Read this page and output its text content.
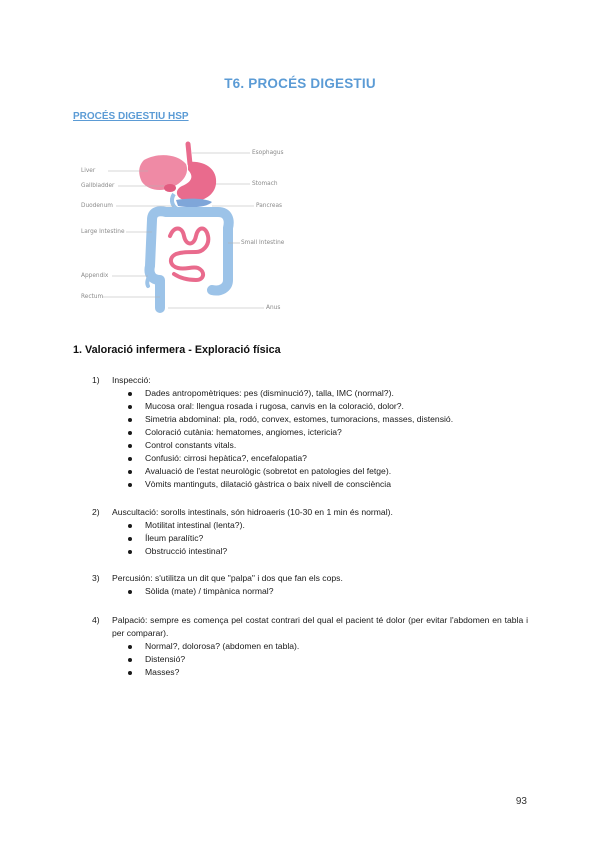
T6. PROCÉS DIGESTIU
PROCÉS DIGESTIU HSP
Liver
Gallbladder
Duodenum
Large Intestine
Appendix
Rectum
Esophagus
Stomach
Pancreas
Small Intestine
Anus
1. Valoració infermera - Exploració física
1) Inspecció:
Dades antropomètriques: pes (disminució?), talla, IMC (normal?).
Mucosa oral: llengua rosada i rugosa, canvis en la coloració, dolor?.
Simetria abdominal: pla, rodó, convex, estomes, tumoracions, masses, distensió.
Coloració cutània: hematomes, angiomes, ictericia?
Control constants vitals.
Confusió: cirrosi hepàtica?, encefalopatia?
Avaluació de l'estat neurològic (sobretot en patologies del fetge).
Vòmits mantinguts, dilatació gàstrica o baix nivell de consciència
2) Auscultació: sorolls intestinals, són hidroaeris (10-30 en 1 min és normal).
Motilitat intestinal (lenta?).
Íleum paralític?
Obstrucció intestinal?
3) Percusión: s'utilitza un dit que "palpa" i dos que fan els cops.
Sòlida (mate) / timpànica normal?
4) Palpació: sempre es comença pel costat contrari del qual el pacient té dolor (per evitar l'abdomen en tabla i per comparar).
Normal?, dolorosa? (abdomen en tabla).
Distensió?
Masses?
93
